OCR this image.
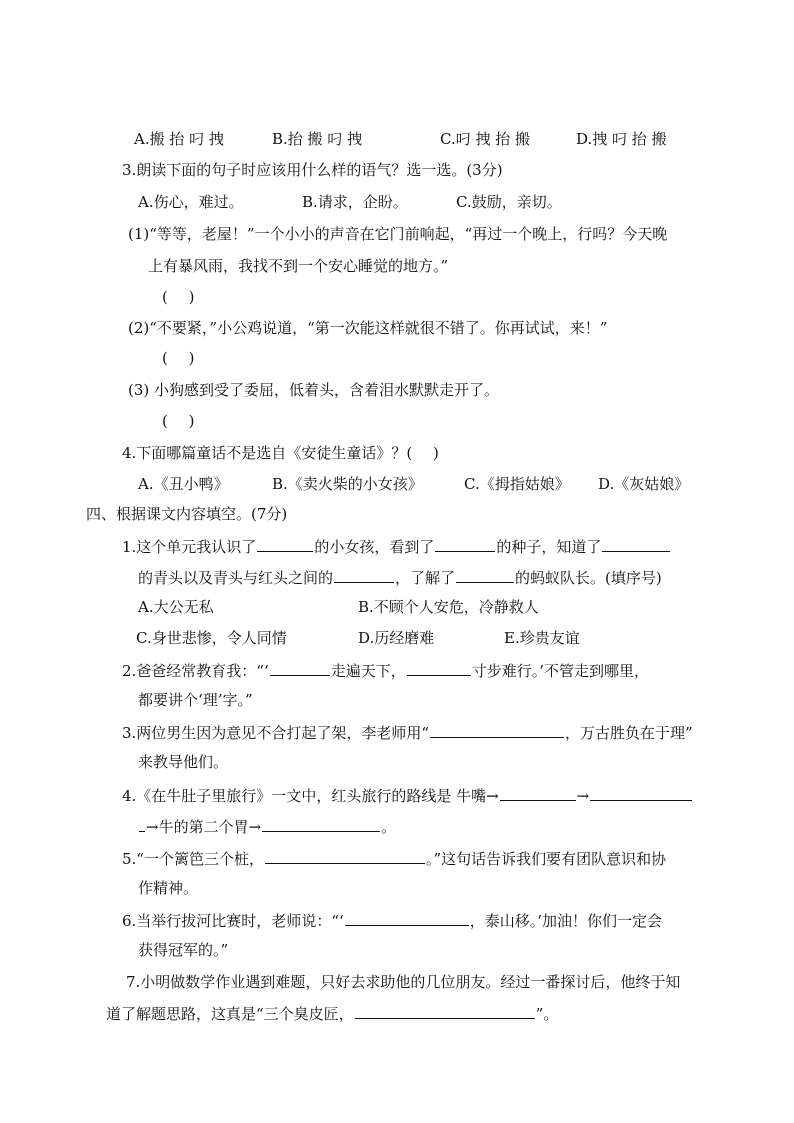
A.搬 抬 叼 拽	B.抬 搬 叼 拽	C.叼 拽 抬 搬	D.拽 叼 抬 搬
3.朗读下面的句子时应该用什么样的语气？选一选。(3分)
A.伤心，难过。	B.请求，企盼。	C.鼓励，亲切。
(1)“等等，老屋！”一个小小的声音在它门前响起，“再过一个晚上，行吗？今天晚
上有暴风雨，我找不到一个安心睡觉的地方。”
( )
(2)“不要紧，”小公鸡说道，“第一次能这样就很不错了。你再试试，来！”
( )
(3) 小狗感到受了委屈，低着头，含着泪水默默走开了。
( )
4.下面哪篇童话不是选自《安徒生童话》？( )
A.《丑小鸭》	B.《卖火柴的小女孩》	C.《拇指姑娘》 D.《灰姑娘》
四、根据课文内容填空。(7分)
1.这个单元我认识了	的小女孩，看到了	的种子，知道了
的青头以及青头与红头之间的	，了解了	的蚂蚁队长。(填序号)
A.大公无私	B.不顾个人安危，冷静救人
C.身世悲惨，令人同情	D.历经磨难	E.珍贵友谊
2.爸爸经常教育我：“‘	走遍天下，	寸步难行。’不管走到哪里，
都要讲个‘理’字。”
3.两位男生因为意见不合打起了架，李老师用“	，万古胜负在于理”
来教导他们。
4.《在牛肚子里旅行》一文中，红头旅行的路线是 牛嘴→	→
→牛的第二个胃→	。
5.“一个篱笆三个桩，	。”这句话告诉我们要有团队意识和协
作精神。
6.当举行拔河比赛时，老师说：“‘	，泰山移。’加油！你们一定会
获得冠军的。”
7.小明做数学作业遇到难题，只好去求助他的几位朋友。经过一番探讨后，他终于知
道了解题思路，这真是“三个臭皮匠，	”。
